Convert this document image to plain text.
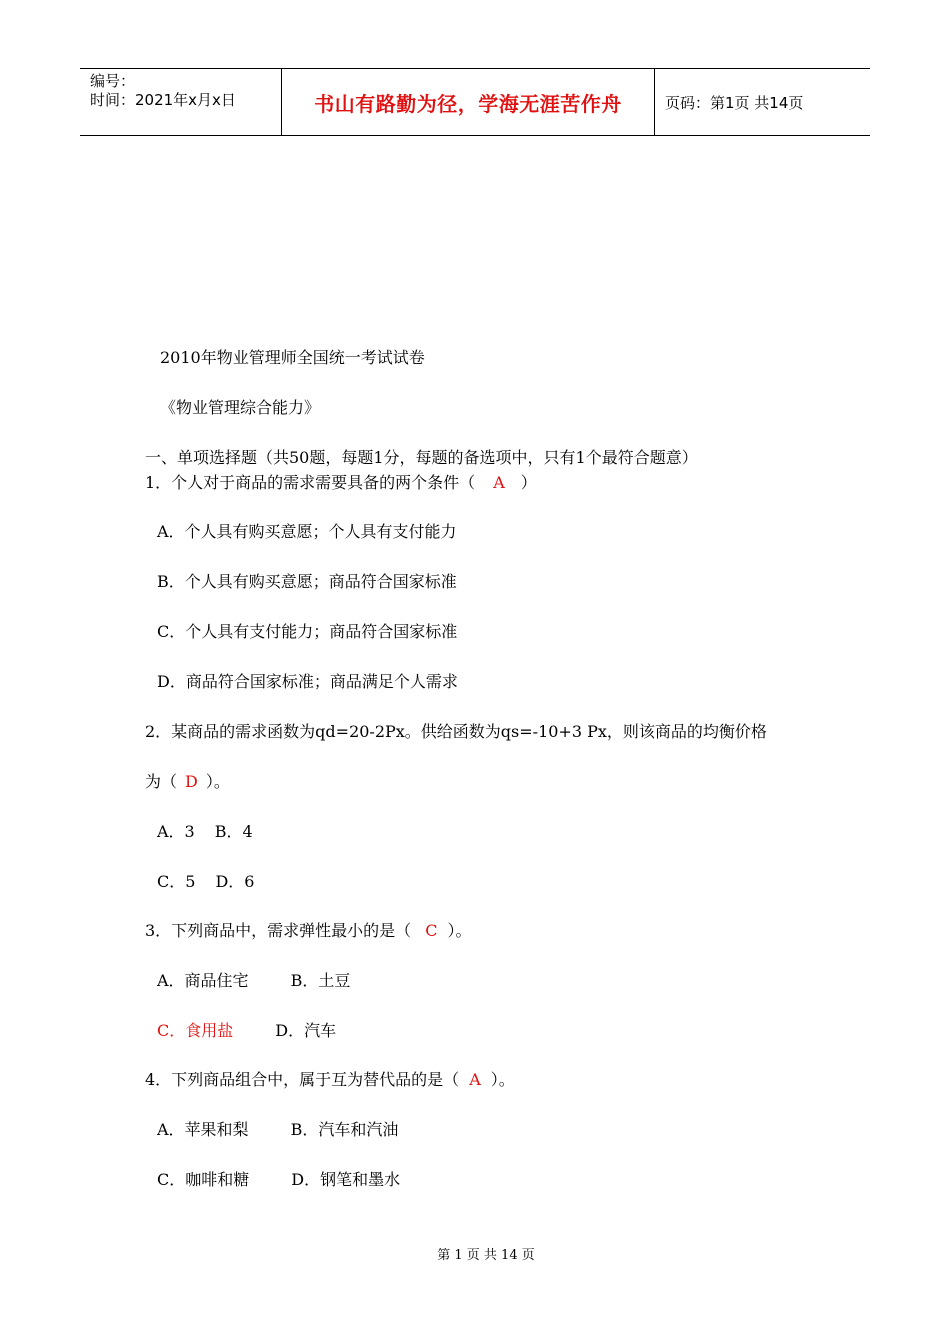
编号：
时间：2021年x月x日	书山有路勤为径，学海无涯苦作舟	页码：第1页 共14页
2010年物业管理师全国统一考试试卷
《物业管理综合能力》
一、单项选择题（共50题，每题1分，每题的备选项中，只有1个最符合题意）
1．个人对于商品的需求需要具备的两个条件（ A ）
A．个人具有购买意愿；个人具有支付能力
B．个人具有购买意愿；商品符合国家标准
C．个人具有支付能力；商品符合国家标准
D．商品符合国家标准；商品满足个人需求
2．某商品的需求函数为qd=20-2Px。供给函数为qs=-10+3 Px，则该商品的均衡价格
为（ D ）。
A．3 B．4
C．5 D．6
3．下列商品中，需求弹性最小的是（ C ）。
A．商品住宅	B．土豆
C．食用盐	D．汽车
4．下列商品组合中，属于互为替代品的是（ A ）。
A．苹果和梨	B．汽车和汽油
C．咖啡和糖	D．钢笔和墨水
第 1 页 共 14 页
